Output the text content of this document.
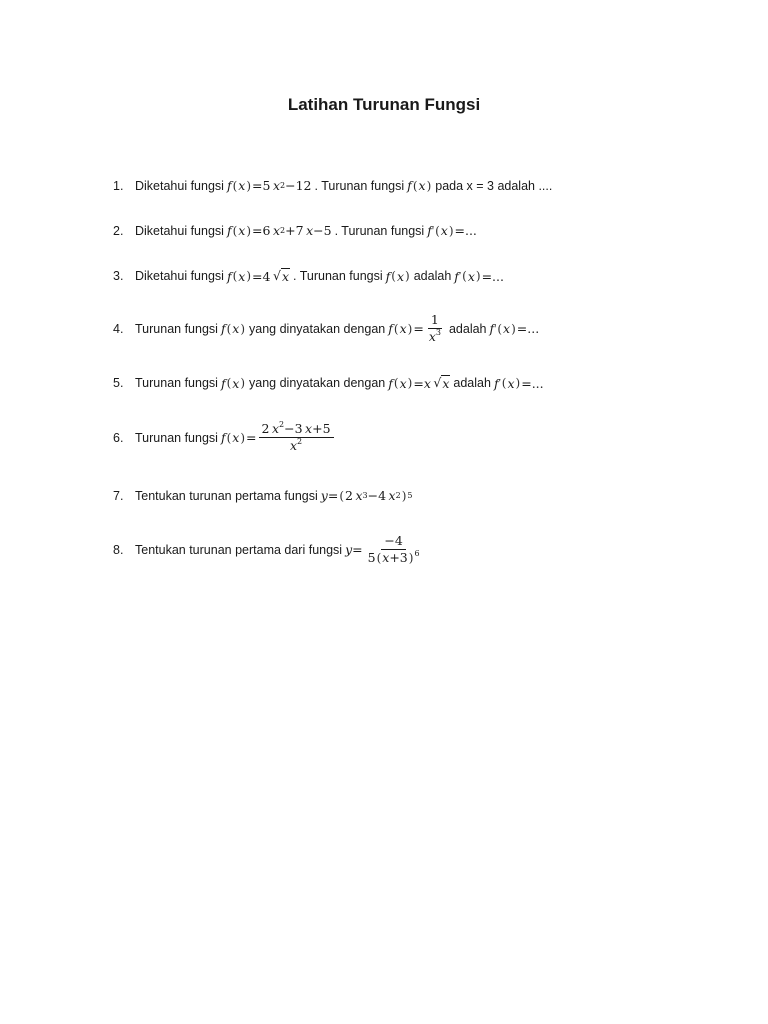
Latihan Turunan Fungsi
1. Diketahui fungsi f ( x ) =5  x 2 −12 . Turunan fungsi f ( x ) pada x = 3 adalah ....
2. Diketahui fungsi f ( x ) =6  x 2 +7  x −5 . Turunan fungsi f ' ( x ) =...
3. Diketahui fungsi f ( x ) =4  √ x . Turunan fungsi f ( x ) adalah f ' ( x ) =...
4. Turunan fungsi f ( x ) yang dinyatakan dengan f ( x ) = $\frac{1}{x^3}$ adalah f ' ( x ) =...
5. Turunan fungsi f ( x ) yang dinyatakan dengan f ( x ) = x
  √ x adalah f ' ( x ) =...
6. Turunan fungsi f ( x ) = $\frac{2 x^2-3 x+5}{x^2}$
7. Tentukan turunan pertama fungsi y = ( 2  x 3 −4  x 2 ) 5
8. Tentukan turunan pertama dari fungsi $y = \frac{-4}{5(x+3)^6}$
